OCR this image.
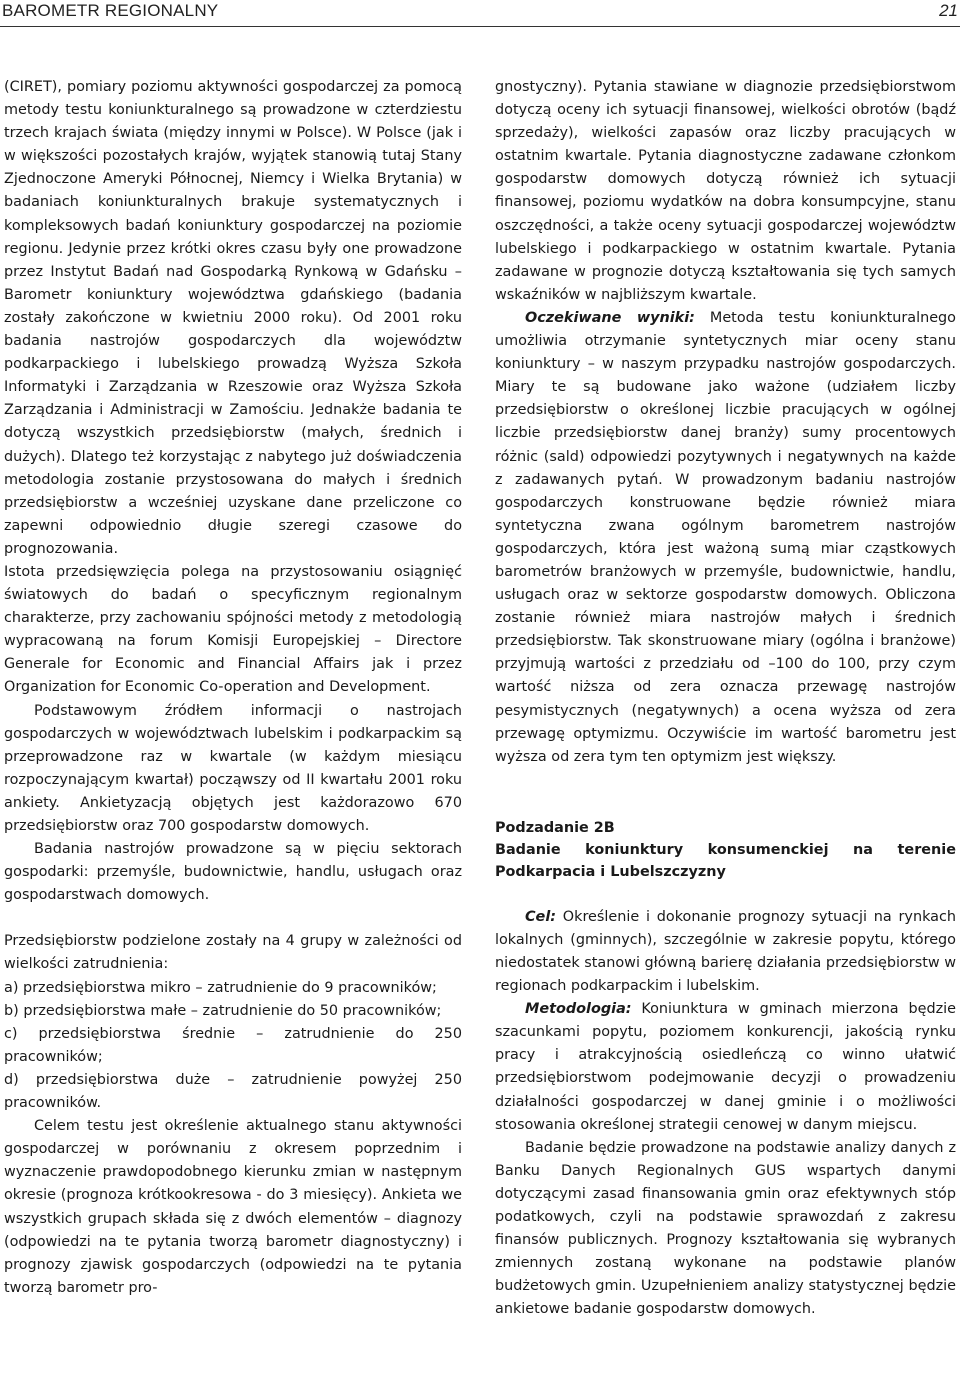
BAROMETR REGIONALNY	21

(CIRET), pomiary poziomu aktywności gospodarczej za pomocą metody testu koniunkturalnego są prowadzone w czterdziestu trzech krajach świata (między innymi w Polsce). W Polsce (jak i w większości pozostałych krajów, wyjątek stanowią tutaj Stany Zjednoczone Ameryki Północnej, Niemcy i Wielka Brytania) w badaniach koniunkturalnych brakuje systematycznych i kompleksowych badań koniunktury gospodarczej na poziomie regionu. Jedynie przez krótki okres czasu były one prowadzone przez Instytut Badań nad Gospodarką Rynkową w Gdańsku – Barometr koniunktury województwa gdańskiego (badania zostały zakończone w kwietniu 2000 roku). Od 2001 roku badania nastrojów gospodarczych dla województw podkarpackiego i lubelskiego prowadzą Wyższa Szkoła Informatyki i Zarządzania w Rzeszowie oraz Wyższa Szkoła Zarządzania i Administracji w Zamościu. Jednakże badania te dotyczą wszystkich przedsiębiorstw (małych, średnich i dużych). Dlatego też korzystając z nabytego już doświadczenia metodologia zostanie przystosowana do małych i średnich przedsiębiorstw a wcześniej uzyskane dane przeliczone co zapewni odpowiednio długie szeregi czasowe do prognozowania.

Istota przedsięwzięcia polega na przystosowaniu osiągnięć światowych do badań o specyficznym regionalnym charakterze, przy zachowaniu spójności metody z metodologią wypracowaną na forum Komisji Europejskiej – Directore Generale for Economic and Financial Affairs jak i przez Organization for Economic Co-operation and Development.

Podstawowym źródłem informacji o nastrojach gospodarczych w województwach lubelskim i podkarpackim są przeprowadzone raz w kwartale (w każdym miesiącu rozpoczynającym kwartał) począwszy od II kwartału 2001 roku ankiety. Ankietyzacją objętych jest każdorazowo 670 przedsiębiorstw oraz 700 gospodarstw domowych.

Badania nastrojów prowadzone są w pięciu sektorach gospodarki: przemyśle, budownictwie, handlu, usługach oraz gospodarstwach domowych.

Przedsiębiorstw podzielone zostały na 4 grupy w zależności od wielkości zatrudnienia:

a) przedsiębiorstwa mikro – zatrudnienie do 9 pracowników;

b) przedsiębiorstwa małe – zatrudnienie do 50 pracowników;

c) przedsiębiorstwa średnie – zatrudnienie do 250 pracowników;

d) przedsiębiorstwa duże – zatrudnienie powyżej 250 pracowników.

Celem testu jest określenie aktualnego stanu aktywności gospodarczej w porównaniu z okresem poprzednim i wyznaczenie prawdopodobnego kierunku zmian w następnym okresie (prognoza krótkookresowa - do 3 miesięcy). Ankieta we wszystkich grupach składa się z dwóch elementów – diagnozy (odpowiedzi na te pytania tworzą barometr diagnostyczny) i prognozy zjawisk gospodarczych (odpowiedzi na te pytania tworzą barometr pro-

gnostyczny). Pytania stawiane w diagnozie przedsiębiorstwom dotyczą oceny ich sytuacji finansowej, wielkości obrotów (bądź sprzedaży), wielkości zapasów oraz liczby pracujących w ostatnim kwartale. Pytania diagnostyczne zadawane członkom gospodarstw domowych dotyczą również ich sytuacji finansowej, poziomu wydatków na dobra konsumpcyjne, stanu oszczędności, a także oceny sytuacji gospodarczej województw lubelskiego i podkarpackiego w ostatnim kwartale. Pytania zadawane w prognozie dotyczą kształtowania się tych samych wskaźników w najbliższym kwartale.

Oczekiwane wyniki: Metoda testu koniunkturalnego umożliwia otrzymanie syntetycznych miar oceny stanu koniunktury – w naszym przypadku nastrojów gospodarczych. Miary te są budowane jako ważone (udziałem liczby przedsiębiorstw o określonej liczbie pracujących w ogólnej liczbie przedsiębiorstw danej branży) sumy procentowych różnic (sald) odpowiedzi pozytywnych i negatywnych na każde z zadawanych pytań. W prowadzonym badaniu nastrojów gospodarczych konstruowane będzie również miara syntetyczna zwana ogólnym barometrem nastrojów gospodarczych, która jest ważoną sumą miar cząstkowych barometrów branżowych w przemyśle, budownictwie, handlu, usługach oraz w sektorze gospodarstw domowych. Obliczona zostanie również miara nastrojów małych i średnich przedsiębiorstw. Tak skonstruowane miary (ogólna i branżowe) przyjmują wartości z przedziału od –100 do 100, przy czym wartość niższa od zera oznacza przewagę nastrojów pesymistycznych (negatywnych) a ocena wyższa od zera przewagę optymizmu. Oczywiście im wartość barometru jest wyższa od zera tym ten optymizm jest większy.

Podzadanie 2B

Badanie koniunktury konsumenckiej na terenie Podkarpacia i Lubelszczyzny

Cel: Określenie i dokonanie prognozy sytuacji na rynkach lokalnych (gminnych), szczególnie w zakresie popytu, którego niedostatek stanowi główną barierę działania przedsiębiorstw w regionach podkarpackim i lubelskim.

Metodologia: Koniunktura w gminach mierzona będzie szacunkami popytu, poziomem konkurencji, jakością rynku pracy i atrakcyjnością osiedleńczą co winno ułatwić przedsiębiorstwom podejmowanie decyzji o prowadzeniu działalności gospodarczej w danej gminie i o możliwości stosowania określonej strategii cenowej w danym miejscu.

Badanie będzie prowadzone na podstawie analizy danych z Banku Danych Regionalnych GUS wspartych danymi dotyczącymi zasad finansowania gmin oraz efektywnych stóp podatkowych, czyli na podstawie sprawozdań z zakresu finansów publicznych. Prognozy kształtowania się wybranych zmiennych zostaną wykonane na podstawie planów budżetowych gmin. Uzupełnieniem analizy statystycznej będzie ankietowe badanie gospodarstw domowych.
